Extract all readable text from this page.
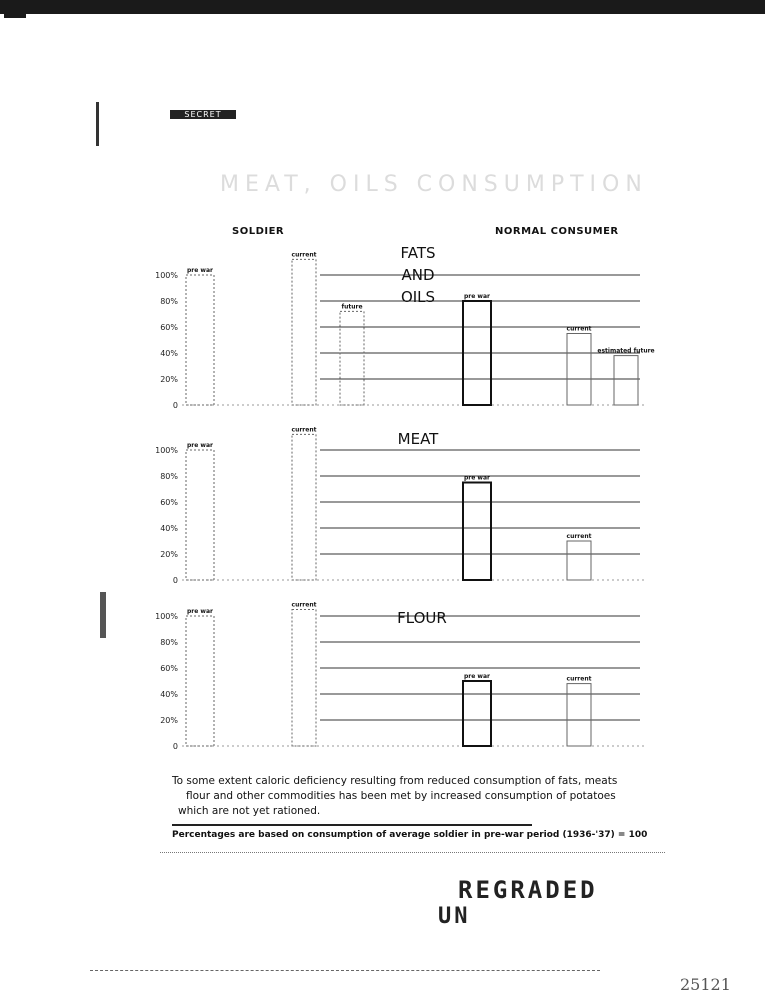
SECRET
MEAT, OILS CONSUMPTION
SOLDIER	NORMAL CONSUMER
0
20%
40%
60%
80%
100%
FATS
AND
OILS
pre war
current
future
pre war
current
estimated future
0
20%
40%
60%
80%
100%
MEAT
pre war
current
pre war
current
0
20%
40%
60%
80%
100%	FLOUR
pre war
current
pre war	current
To some extent caloric deficiency resulting from reduced consumption of fats, meats
flour and other commodities has been met by increased consumption of potatoes
which are not yet rationed.
Percentages are based on consumption of average soldier in pre-war period (1936-'37) = 100
REGRADED
UN
25121
